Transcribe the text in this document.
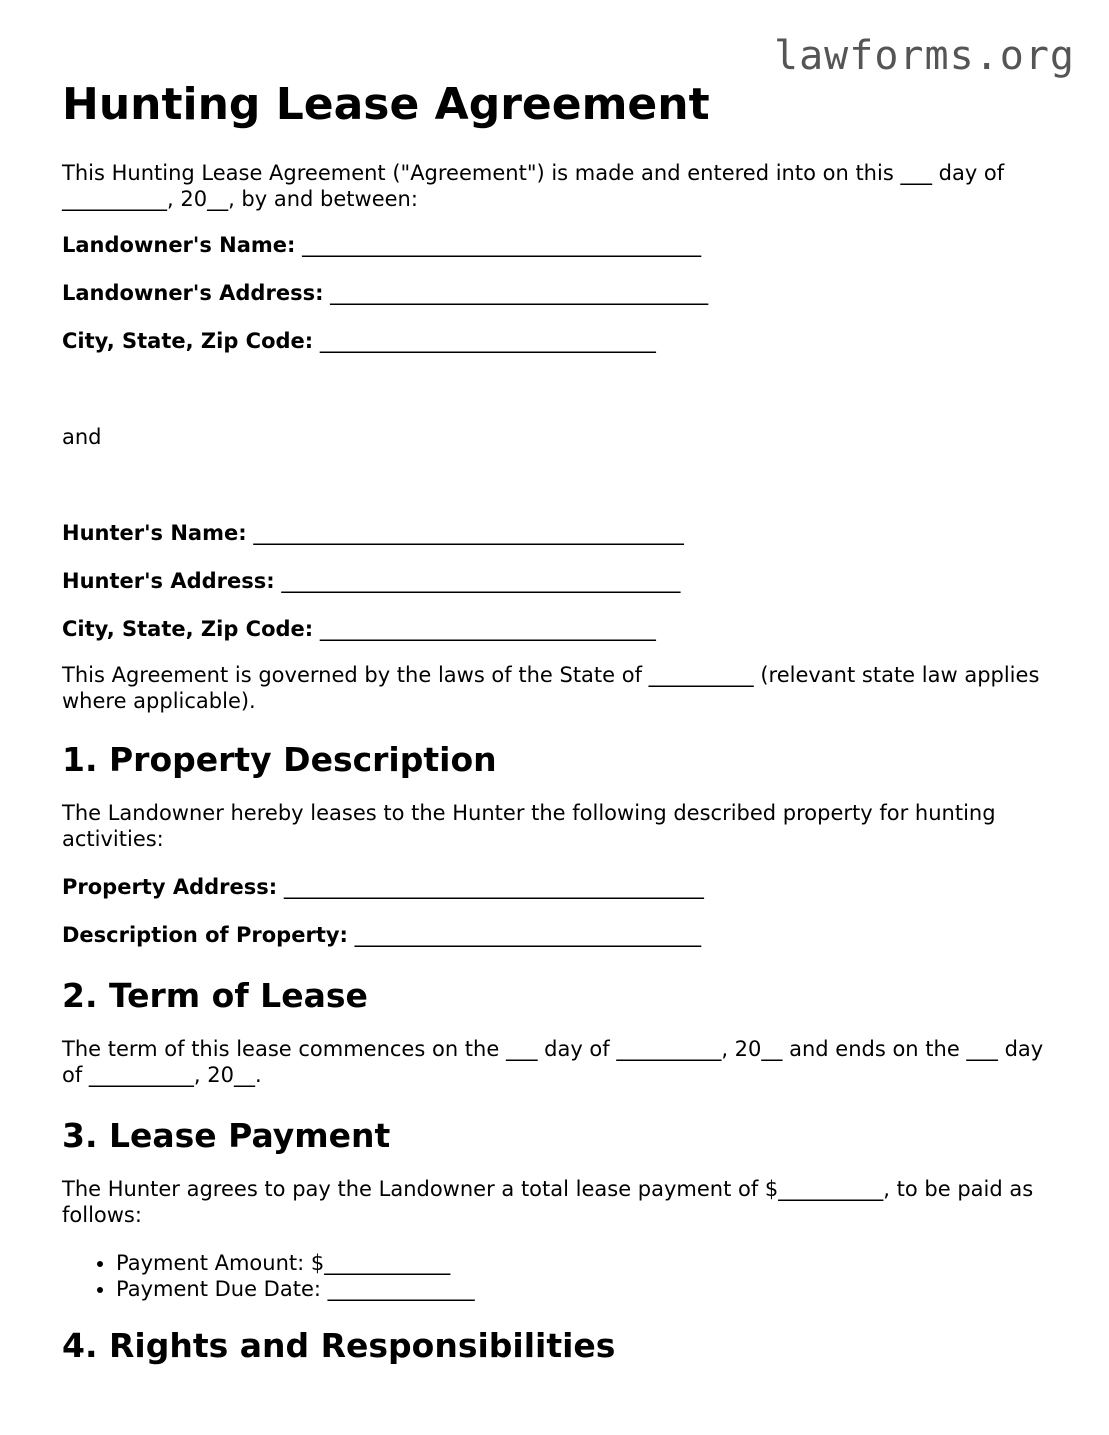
lawforms.org
Hunting Lease Agreement

This Hunting Lease Agreement ("Agreement") is made and entered into on this ___ day of __________, 20__, by and between:

Landowner's Name: ______________________________________
Landowner's Address: ____________________________________
City, State, Zip Code: ________________________________

and

Hunter's Name: _________________________________________
Hunter's Address: ______________________________________
City, State, Zip Code: ________________________________

This Agreement is governed by the laws of the State of __________ (relevant state law applies where applicable).

1. Property Description

The Landowner hereby leases to the Hunter the following described property for hunting activities:

Property Address: ________________________________________
Description of Property: _________________________________
2. Term of Lease

The term of this lease commences on the ___ day of __________, 20__ and ends on the ___ day of __________, 20__.

3. Lease Payment

The Hunter agrees to pay the Landowner a total lease payment of $__________, to be paid as follows:

• Payment Amount: $____________
• Payment Due Date: ______________
4. Rights and Responsibilities
